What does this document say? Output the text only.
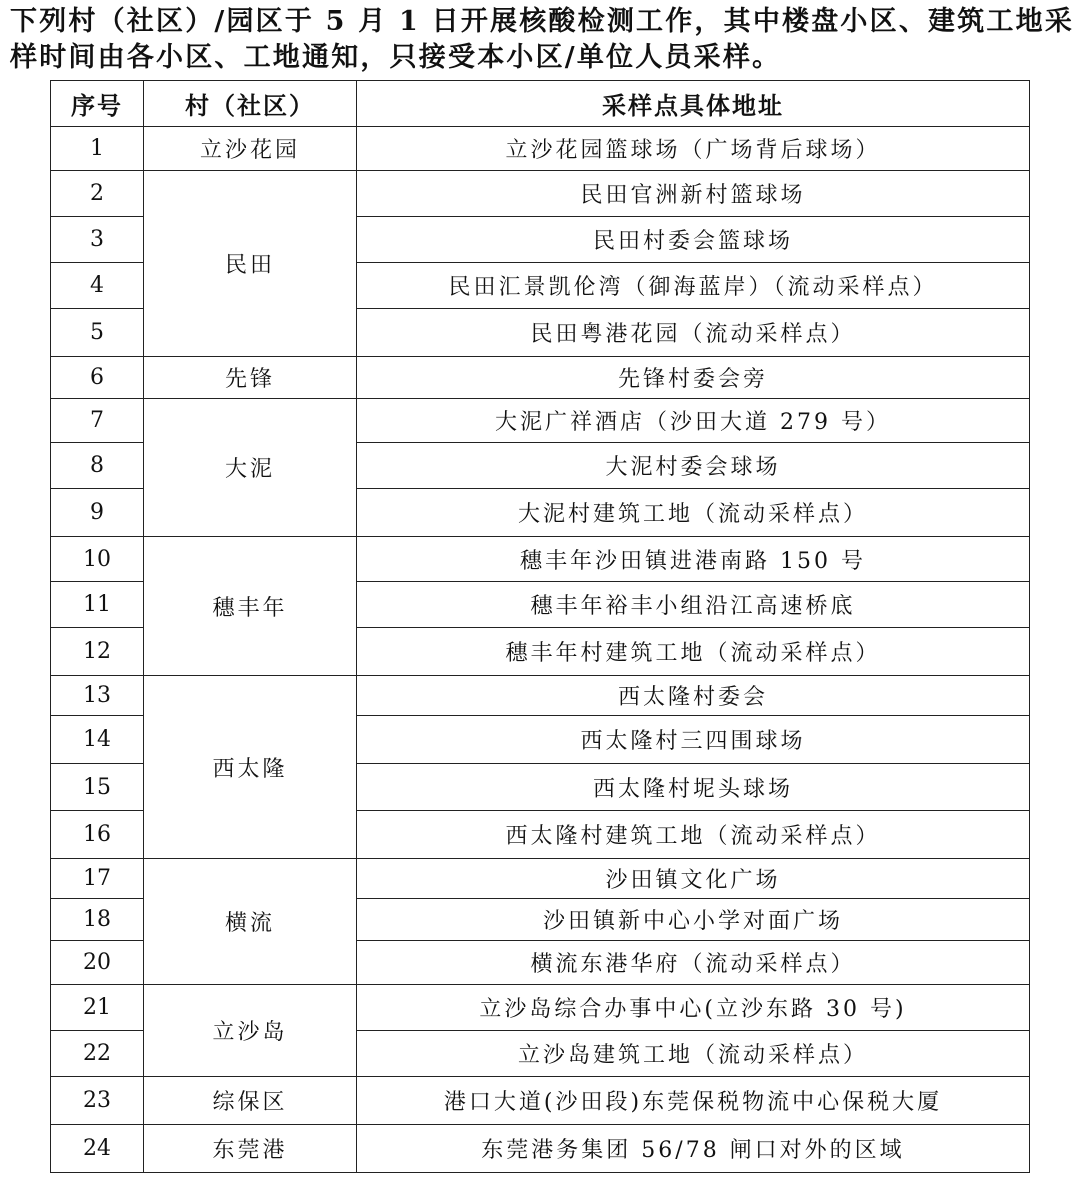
下列村（社区）/园区于 5 月 1 日开展核酸检测工作，其中楼盘小区、建筑工地采样时间由各小区、工地通知，只接受本小区/单位人员采样。

序号	村（社区）	采样点具体地址
1	立沙花园	立沙花园篮球场（广场背后球场）
2	民田	民田官洲新村篮球场
3		民田村委会篮球场
4		民田汇景凯伦湾（御海蓝岸）（流动采样点）
5		民田粤港花园（流动采样点）
6	先锋	先锋村委会旁
7	大泥	大泥广祥酒店（沙田大道 279 号）
8		大泥村委会球场
9		大泥村建筑工地（流动采样点）
10	穗丰年	穗丰年沙田镇进港南路 150 号
11		穗丰年裕丰小组沿江高速桥底
12		穗丰年村建筑工地（流动采样点）
13	西太隆	西太隆村委会
14		西太隆村三四围球场
15		西太隆村坭头球场
16		西太隆村建筑工地（流动采样点）
17	横流	沙田镇文化广场
18		沙田镇新中心小学对面广场
20		横流东港华府（流动采样点）
21	立沙岛	立沙岛综合办事中心(立沙东路 30 号)
22		立沙岛建筑工地（流动采样点）
23	综保区	港口大道(沙田段)东莞保税物流中心保税大厦
24	东莞港	东莞港务集团 56/78 闸口对外的区域
